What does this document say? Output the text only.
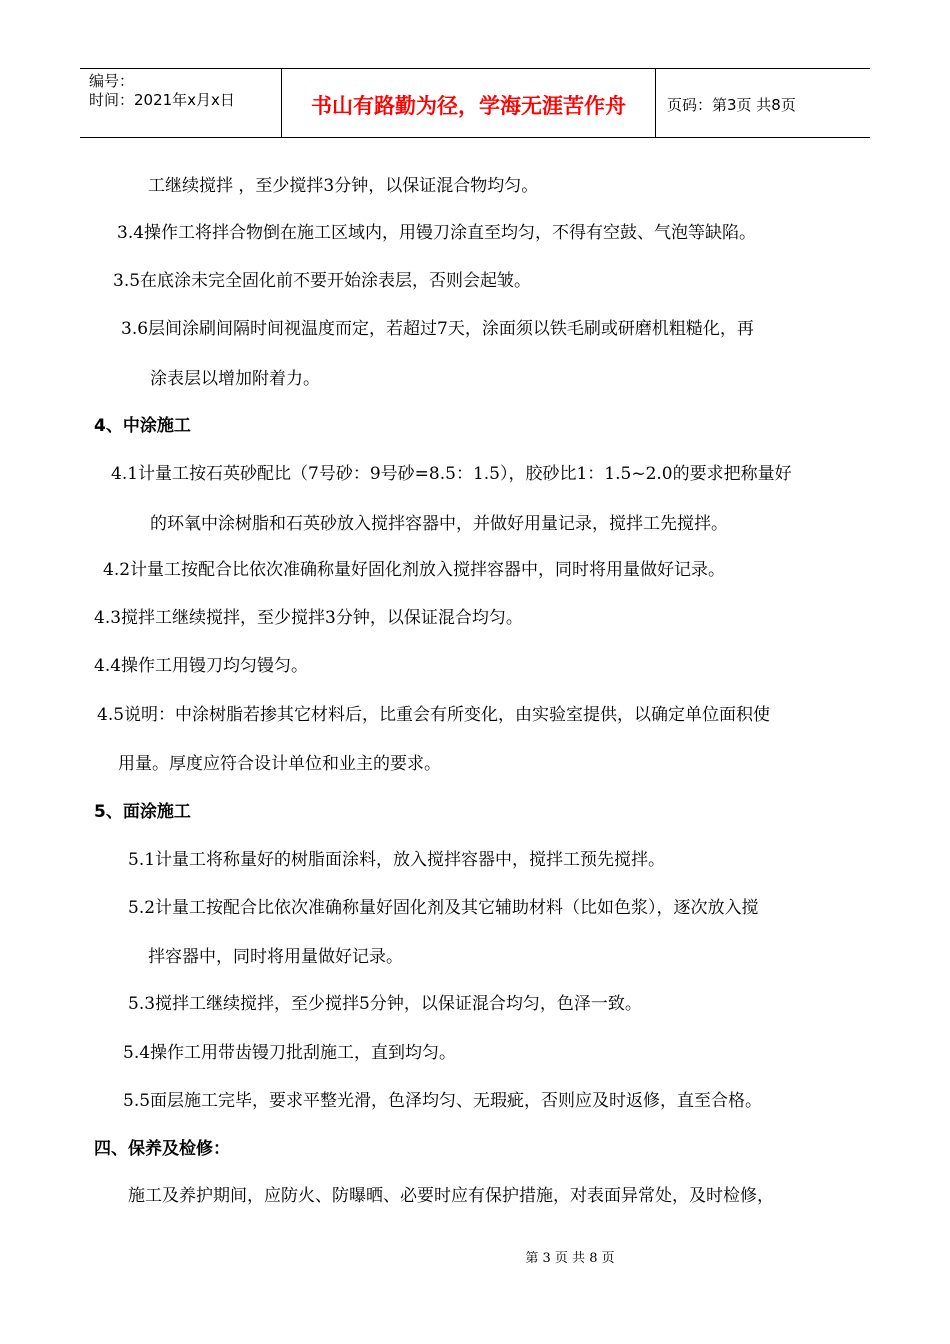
编号：
时间：2021年x月x日	书山有路勤为径，学海无涯苦作舟	页码：第3页 共8页
工继续搅拌 ，至少搅拌3分钟，以保证混合物均匀。
3.4操作工将拌合物倒在施工区域内，用镘刀涂直至均匀，不得有空鼓、气泡等缺陷。
3.5在底涂未完全固化前不要开始涂表层，否则会起皱。
3.6层间涂刷间隔时间视温度而定，若超过7天，涂面须以铁毛刷或研磨机粗糙化，再
涂表层以增加附着力。
4、中涂施工
4.1计量工按石英砂配比（7号砂：9号砂=8.5：1.5），胶砂比1：1.5~2.0的要求把称量好
的环氧中涂树脂和石英砂放入搅拌容器中，并做好用量记录，搅拌工先搅拌。
4.2计量工按配合比依次准确称量好固化剂放入搅拌容器中，同时将用量做好记录。
4.3搅拌工继续搅拌，至少搅拌3分钟，以保证混合均匀。
4.4操作工用镘刀均匀镘匀。
4.5说明：中涂树脂若掺其它材料后，比重会有所变化，由实验室提供，以确定单位面积使
用量。厚度应符合设计单位和业主的要求。
5、面涂施工
5.1计量工将称量好的树脂面涂料，放入搅拌容器中，搅拌工预先搅拌。
5.2计量工按配合比依次准确称量好固化剂及其它辅助材料（比如色浆），逐次放入搅
拌容器中，同时将用量做好记录。
5.3搅拌工继续搅拌，至少搅拌5分钟，以保证混合均匀，色泽一致。
5.4操作工用带齿镘刀批刮施工，直到均匀。
5.5面层施工完毕，要求平整光滑，色泽均匀、无瑕疵，否则应及时返修，直至合格。
四、保养及检修：
施工及养护期间，应防火、防曝晒、必要时应有保护措施，对表面异常处，及时检修，
第 3 页 共 8 页
